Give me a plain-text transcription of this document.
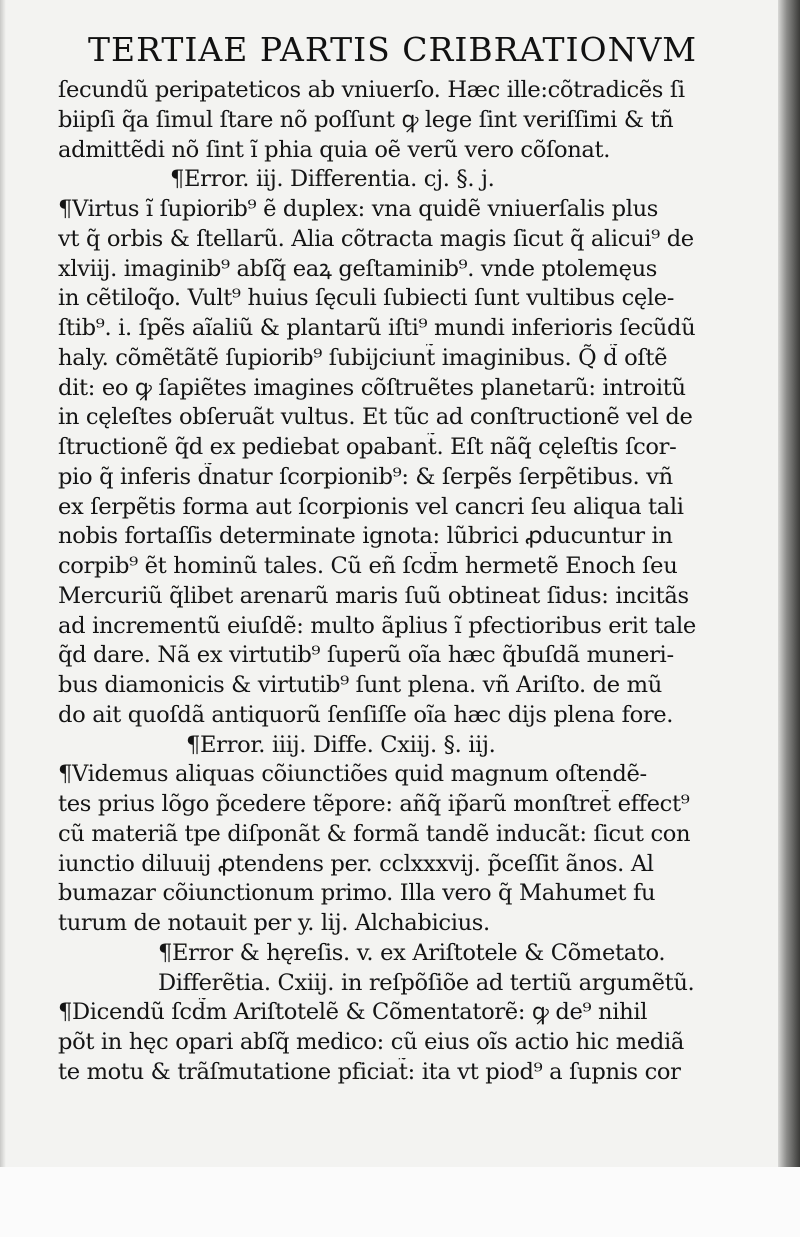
TERTIAE PARTIS CRIBRATIONVM
ſecundũ peripateticos ab vniuerſo. Hæc ille:cõtradicẽs ſi
biipſi q̃a ſimul ſtare nõ poſſunt ꝙ lege ſint veriſſimi & tñ
admittẽdi nõ ſint ĩ phia quia oẽ verũ vero cõſonat.
¶Error. iij. Differentia. cj. §. j.
¶Virtus ĩ ſupiorib⁹ ẽ duplex: vna quidẽ vniuerſalis plus
vt q̃ orbis & ſtellarũ. Alia cõtracta magis ſicut q̃ alicui⁹ de
xlviij. imaginib⁹ abſq̃ eaꝝ geſtaminib⁹. vnde ptolemęus
in cẽtiloq̃o. Vult⁹ huius ſęculi ſubiecti ſunt vultibus cęle-
ſtib⁹. i. ſpẽs aĩaliũ & plantarũ iſti⁹ mundi inferioris ſecũdũ
haly. cõmẽtãtẽ ſupiorib⁹ ſubijciunt̃ imaginibus. Q̃ d̃ oſtẽ
dit: eo ꝙ ſapiẽtes imagines cõſtruẽtes planetarũ: introitũ
in cęleſtes obſeruãt vultus. Et tũc ad conſtructionẽ vel de
ſtructionẽ q̃d ex pediebat opabant̃. Eſt nãq̃ cęleſtis ſcor-
pio q̃ inferis d̃natur ſcorpionib⁹: & ſerpẽs ſerpẽtibus. vñ
ex ſerpẽtis forma aut ſcorpionis vel cancri ſeu aliqua tali
nobis fortaſſis determinate ignota: lũbrici ꝓducuntur in
corpib⁹ ẽt hominũ tales. Cũ eñ ſcd̃m hermetẽ Enoch ſeu
Mercuriũ q̃libet arenarũ maris ſuũ obtineat ſidus: incitãs
ad incrementũ eiuſdẽ: multo ãplius ĩ pfectioribus erit tale
q̃d dare. Nã ex virtutib⁹ ſuperũ oĩa hæc q̃buſdã muneri-
bus diamonicis & virtutib⁹ ſunt plena. vñ Ariſto. de mũ
do ait quoſdã antiquorũ ſenſiſſe oĩa hæc dijs plena fore.
¶Error. iiij. Diffe. Cxiij. §. iij.
¶Videmus aliquas cõiunctiões quid magnum oſtendẽ-
tes prius lõgo p̃cedere tẽpore: añq̃ ip̃arũ monſtret̃ effect⁹
cũ materiã tpe diſponãt & formã tandẽ inducãt: ſicut con
iunctio diluuij ꝓtendens per. cclxxxvij. p̃ceſſit ãnos. Al
bumazar cõiunctionum primo. Illa vero q̃ Mahumet fu
turum de notauit per y. lij. Alchabicius.
¶Error & hęreſis. v. ex Ariſtotele & Cõmetato.
Differẽtia. Cxiij. in reſpõſiõe ad tertiũ argumẽtũ.
¶Dicendũ ſcd̃m Ariſtotelẽ & Cõmentatorẽ: ꝙ de⁹ nihil
põt in hęc opari abſq̃ medico: cũ eius oĩs actio hic mediã
te motu & trãſmutatione pficiat̃: ita vt piod⁹ a ſupnis cor
